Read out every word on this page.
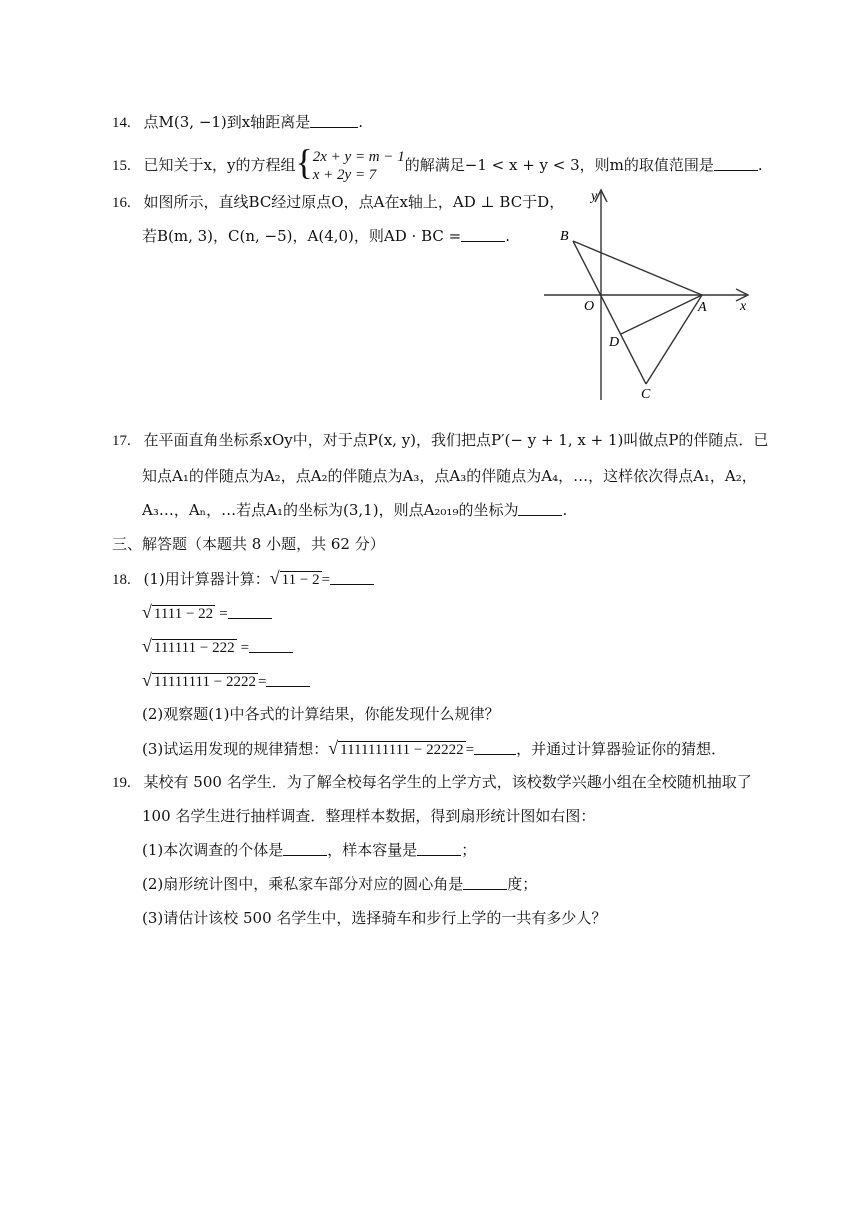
14. 点M(3, −1)到x轴距离是	.
15. 已知关于x，y的方程组{ 2x + y = m − 1
x + 2y = 7
的解满足−1 < x + y < 3，则m的取值范围是	.
16. 如图所示，直线BC经过原点O，点A在x轴上，AD ⊥ BC于D，
若B(m, 3)，C(n, −5)，A(4,0)，则AD · BC =	.
y
x
B
O	A
D
C
17. 在平面直角坐标系xOy中，对于点P(x, y)，我们把点P′(− y + 1, x + 1)叫做点P的伴随点．已
知点A₁的伴随点为A₂，点A₂的伴随点为A₃，点A₃的伴随点为A₄，…，这样依次得点A₁，A₂，
A₃…，Aₙ，…若点A₁的坐标为(3,1)，则点A₂₀₁₉的坐标为	.
三、解答题（本题共 8 小题，共 62 分）
18. (1)用计算器计算：√ 11 − 2 =
√ 1111 − 22 =
√ 111111 − 222 =
√ 11111111 − 2222 =
(2)观察题(1)中各式的计算结果，你能发现什么规律？
(3)试运用发现的规律猜想：√ 1111111111 − 22222 =	，并通过计算器验证你的猜想．
19. 某校有 500 名学生．为了解全校每名学生的上学方式，该校数学兴趣小组在全校随机抽取了
100 名学生进行抽样调查．整理样本数据，得到扇形统计图如右图：
(1)本次调查的个体是	，样本容量是	；
(2)扇形统计图中，乘私家车部分对应的圆心角是	度；
(3)请估计该校 500 名学生中，选择骑车和步行上学的一共有多少人？
